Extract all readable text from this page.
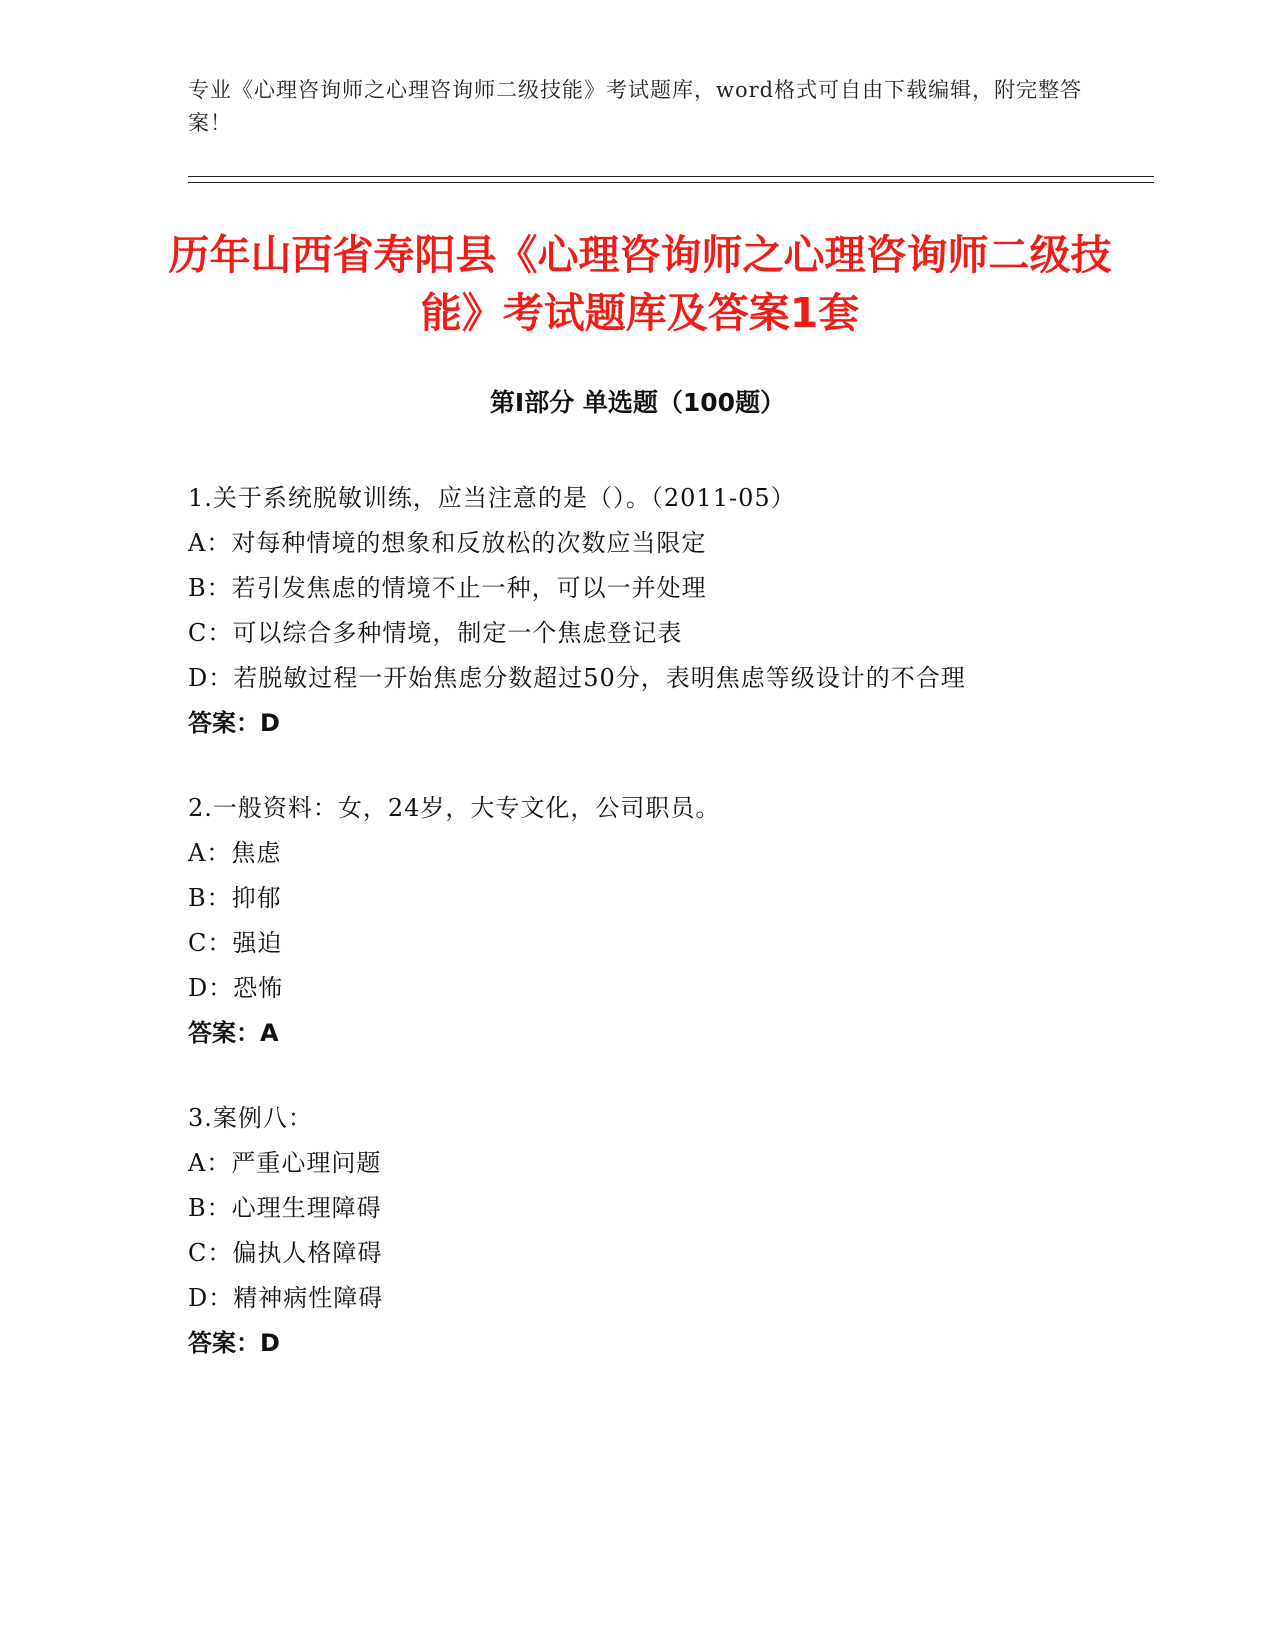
专业《心理咨询师之心理咨询师二级技能》考试题库，word格式可自由下载编辑，附完整答案！
历年山西省寿阳县《心理咨询师之心理咨询师二级技能》考试题库及答案1套
第I部分 单选题（100题）
1.关于系统脱敏训练，应当注意的是（）。（2011-05）
A：对每种情境的想象和反放松的次数应当限定
B：若引发焦虑的情境不止一种，可以一并处理
C：可以综合多种情境，制定一个焦虑登记表
D：若脱敏过程一开始焦虑分数超过50分，表明焦虑等级设计的不合理
答案：D
2.一般资料：女，24岁，大专文化，公司职员。
A：焦虑
B：抑郁
C：强迫
D：恐怖
答案：A
3.案例八：
A：严重心理问题
B：心理生理障碍
C：偏执人格障碍
D：精神病性障碍
答案：D
